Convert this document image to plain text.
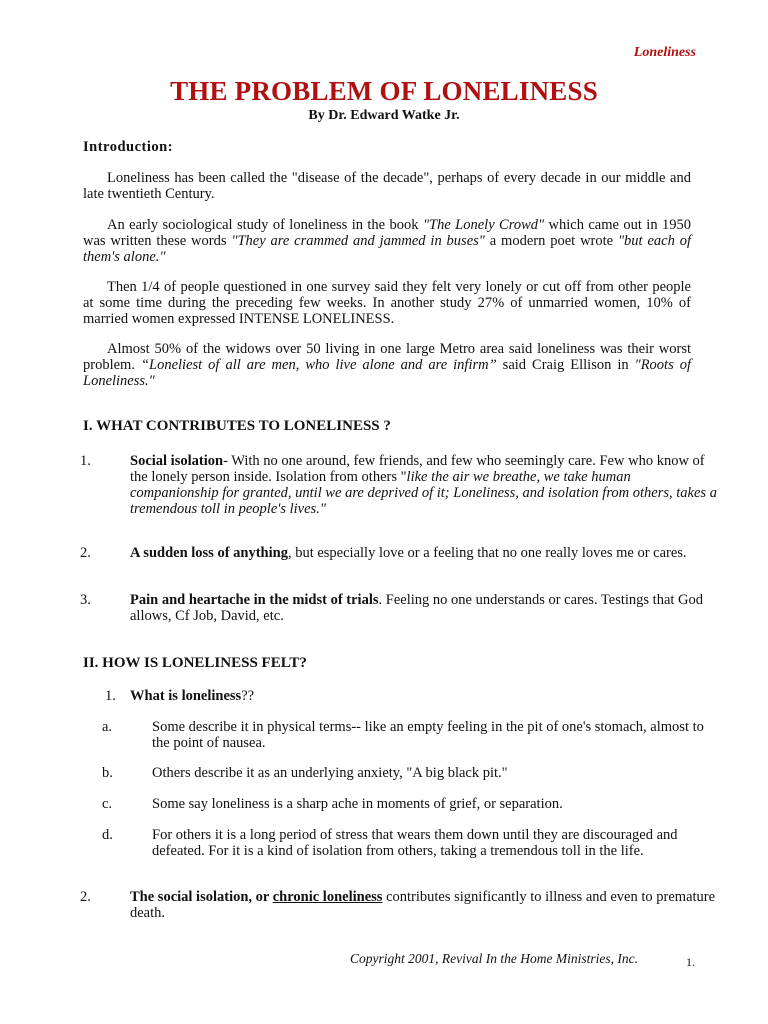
Loneliness
THE PROBLEM OF LONELINESS
By Dr. Edward Watke Jr.
Introduction:
Loneliness has been called the "disease of the decade", perhaps of every decade in our middle and late twentieth Century.
An early sociological study of loneliness in the book "The Lonely Crowd" which came out in 1950 was written these words "They are crammed and jammed in buses" a modern poet wrote "but each of them's alone."
Then 1/4 of people questioned in one survey said they felt very lonely or cut off from other people at some time during the preceding few weeks. In another study 27% of unmarried women, 10% of married women expressed INTENSE LONELINESS.
Almost 50% of the widows over 50 living in one large Metro area said loneliness was their worst problem. “Loneliest of all are men, who live alone and are infirm” said Craig Ellison in "Roots of Loneliness."
I. WHAT CONTRIBUTES TO LONELINESS ?
1.	Social isolation- With no one around, few friends, and few who seemingly care. Few who know of the lonely person inside. Isolation from others "like the air we breathe, we take human companionship for granted, until we are deprived of it; Loneliness, and isolation from others, takes a tremendous toll in people's lives."
2.	A sudden loss of anything, but especially love or a feeling that no one really loves me or cares.
3.	Pain and heartache in the midst of trials. Feeling no one understands or cares. Testings that God allows, Cf Job, David, etc.
II. HOW IS LONELINESS FELT?
1. What is loneliness??
a.	Some describe it in physical terms-- like an empty feeling in the pit of one's stomach, almost to the point of nausea.
b.	Others describe it as an underlying anxiety, "A big black pit."
c.	Some say loneliness is a sharp ache in moments of grief, or separation.
d.	For others it is a long period of stress that wears them down until they are discouraged and defeated. For it is a kind of isolation from others, taking a tremendous toll in the life.
2.	The social isolation, or chronic loneliness contributes significantly to illness and even to premature death.
Copyright 2001, Revival In the Home Ministries, Inc.	1.
